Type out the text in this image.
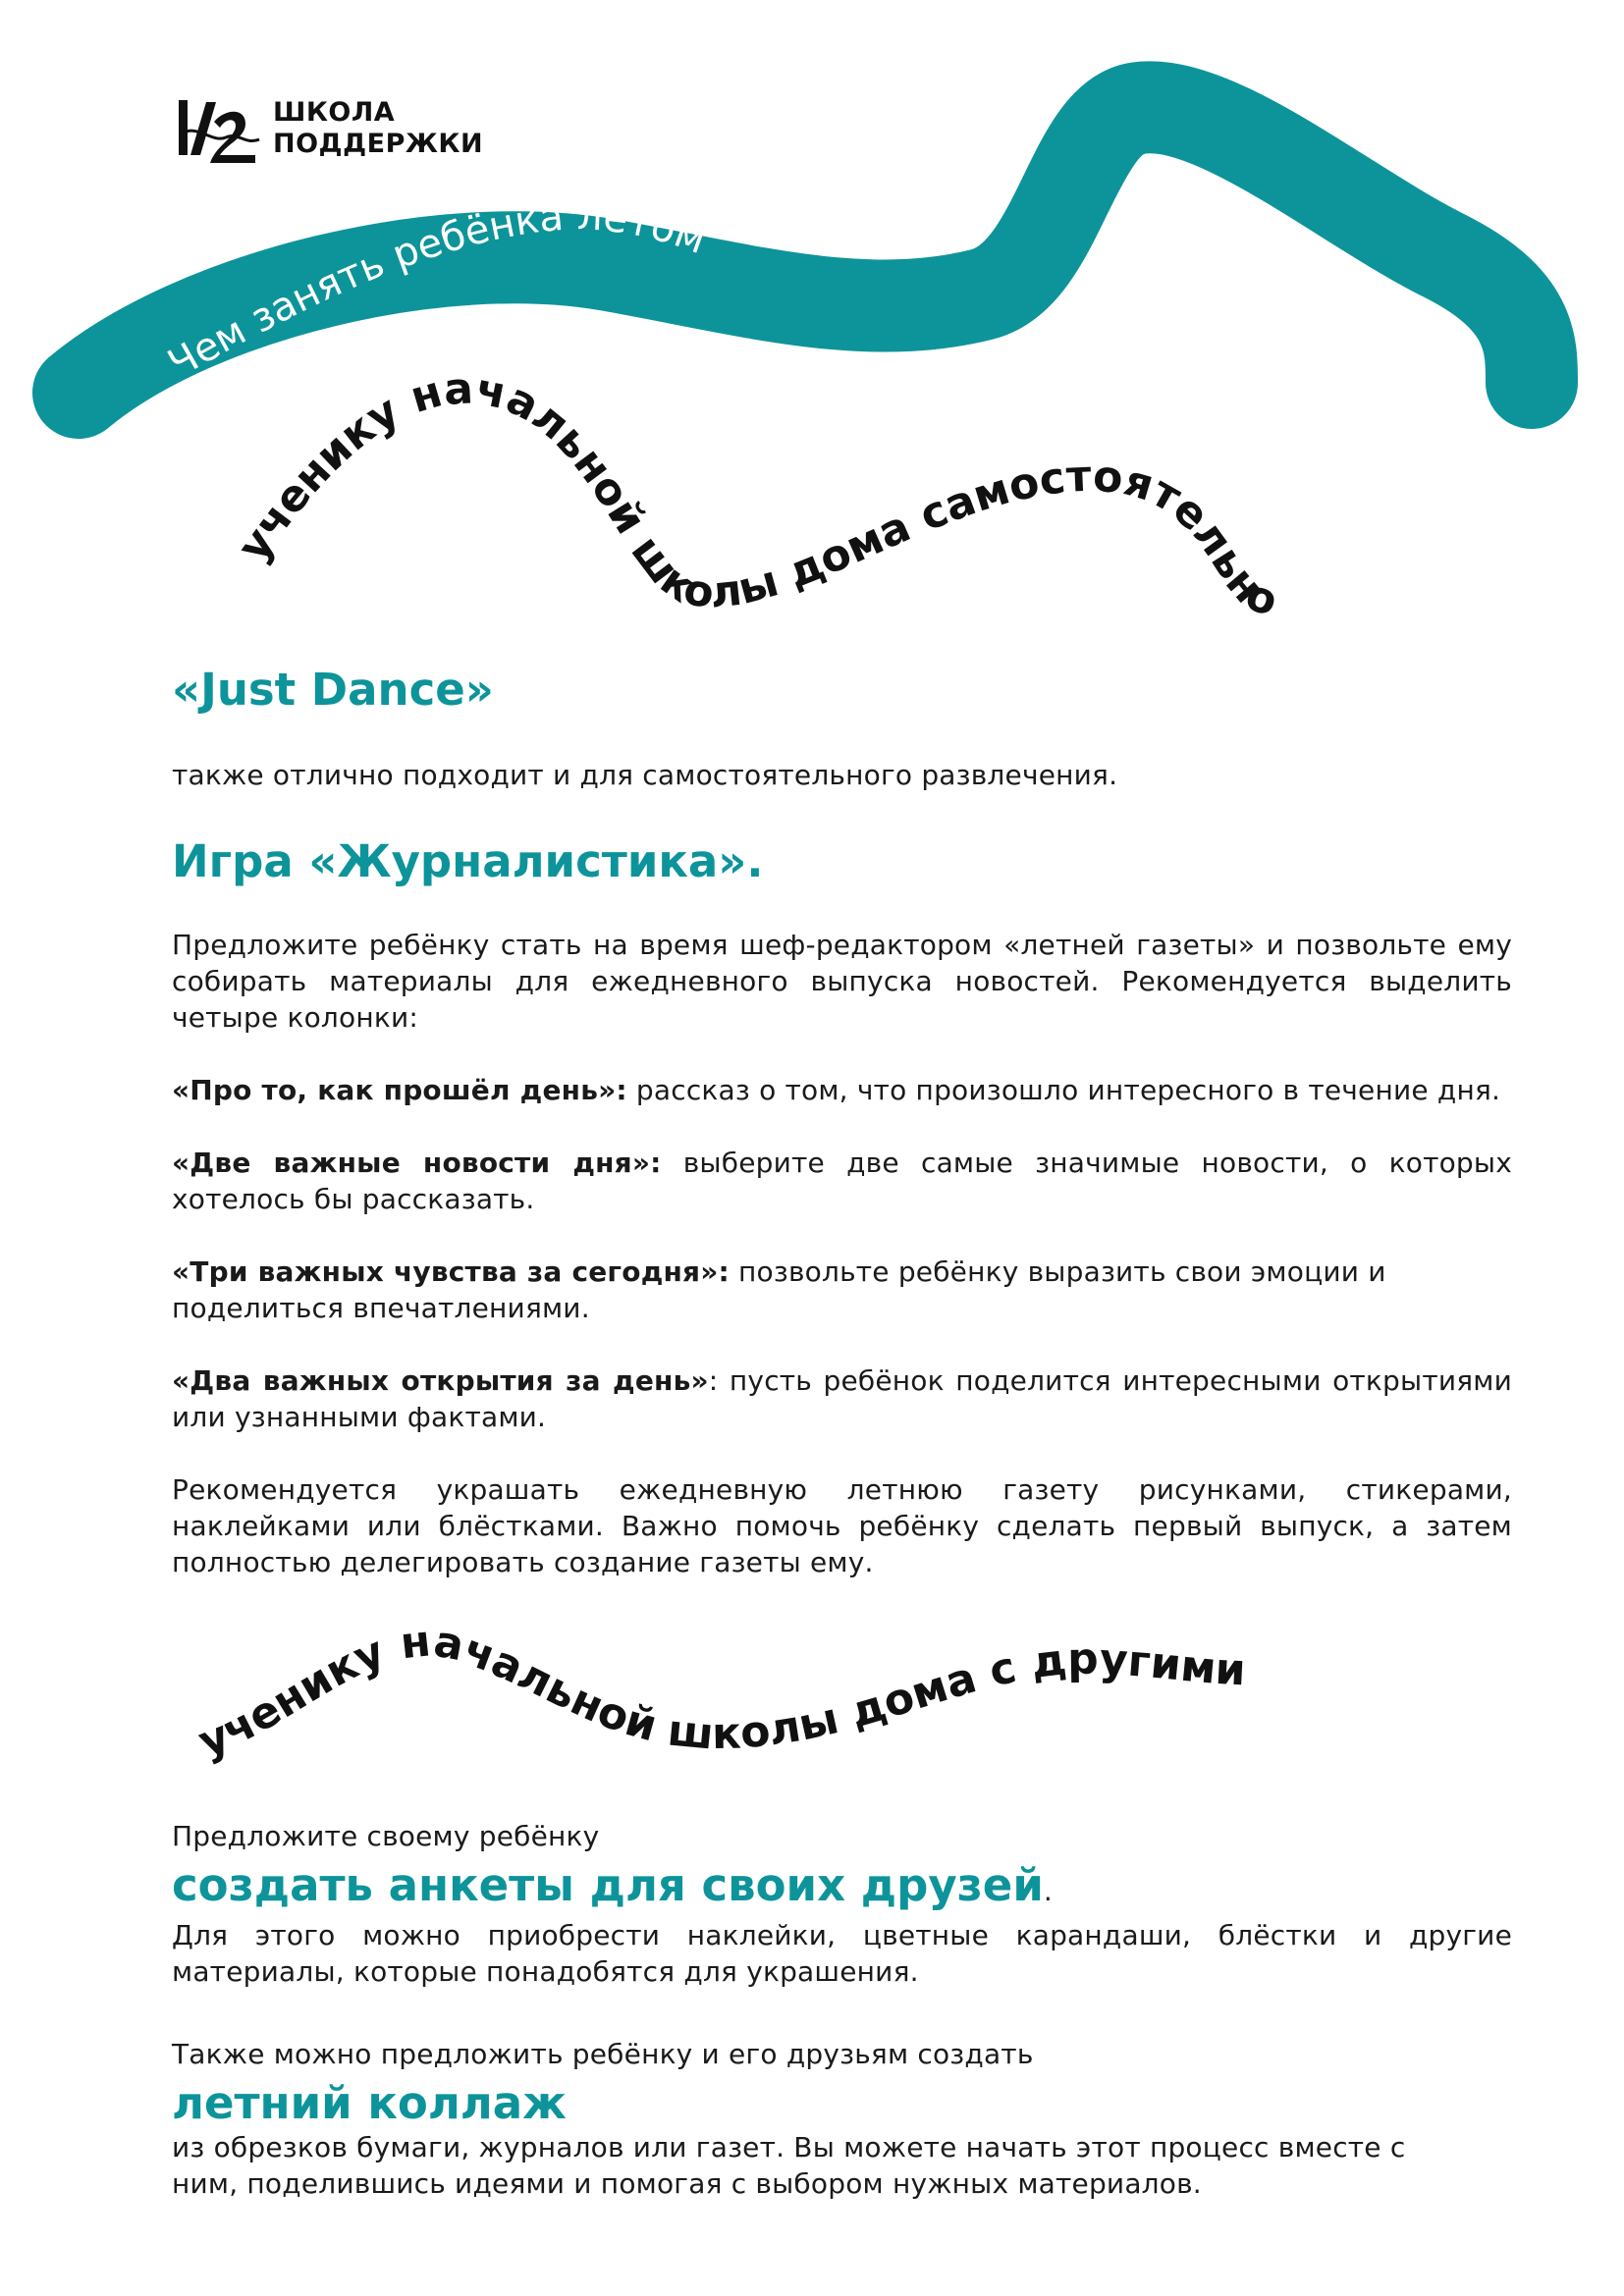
Чем занять ребёнка летом
ученику начальной школы дома самостоятельно
ученику начальной школы дома с другими
ШКОЛА
ПОДДЕРЖКИ
«Just Dance»

также отлично подходит и для самостоятельного развлечения.

Игра «Журналистика».

Предложите ребёнку стать на время шеф-редактором «летней газеты» и позвольте ему собирать материалы для ежедневного выпуска новостей. Рекомендуется выделить четыре колонки:

«Про то, как прошёл день»: рассказ о том, что произошло интересного в течение дня.

«Две важные новости дня»: выберите две самые значимые новости, о которых хотелось бы рассказать.

«Три важных чувства за сегодня»: позвольте ребёнку выразить свои эмоции и поделиться впечатлениями.

«Два важных открытия за день»: пусть ребёнок поделится интересными открытиями или узнанными фактами.

Рекомендуется украшать ежедневную летнюю газету рисунками, стикерами, наклейками или блёстками. Важно помочь ребёнку сделать первый выпуск, а затем полностью делегировать создание газеты ему.

Предложите своему ребёнку

создать анкеты для своих друзей.

Для этого можно приобрести наклейки, цветные карандаши, блёстки и другие материалы, которые понадобятся для украшения.

Также можно предложить ребёнку и его друзьям создать

летний коллаж

из обрезков бумаги, журналов или газет. Вы можете начать этот процесс вместе с ним, поделившись идеями и помогая с выбором нужных материалов.
